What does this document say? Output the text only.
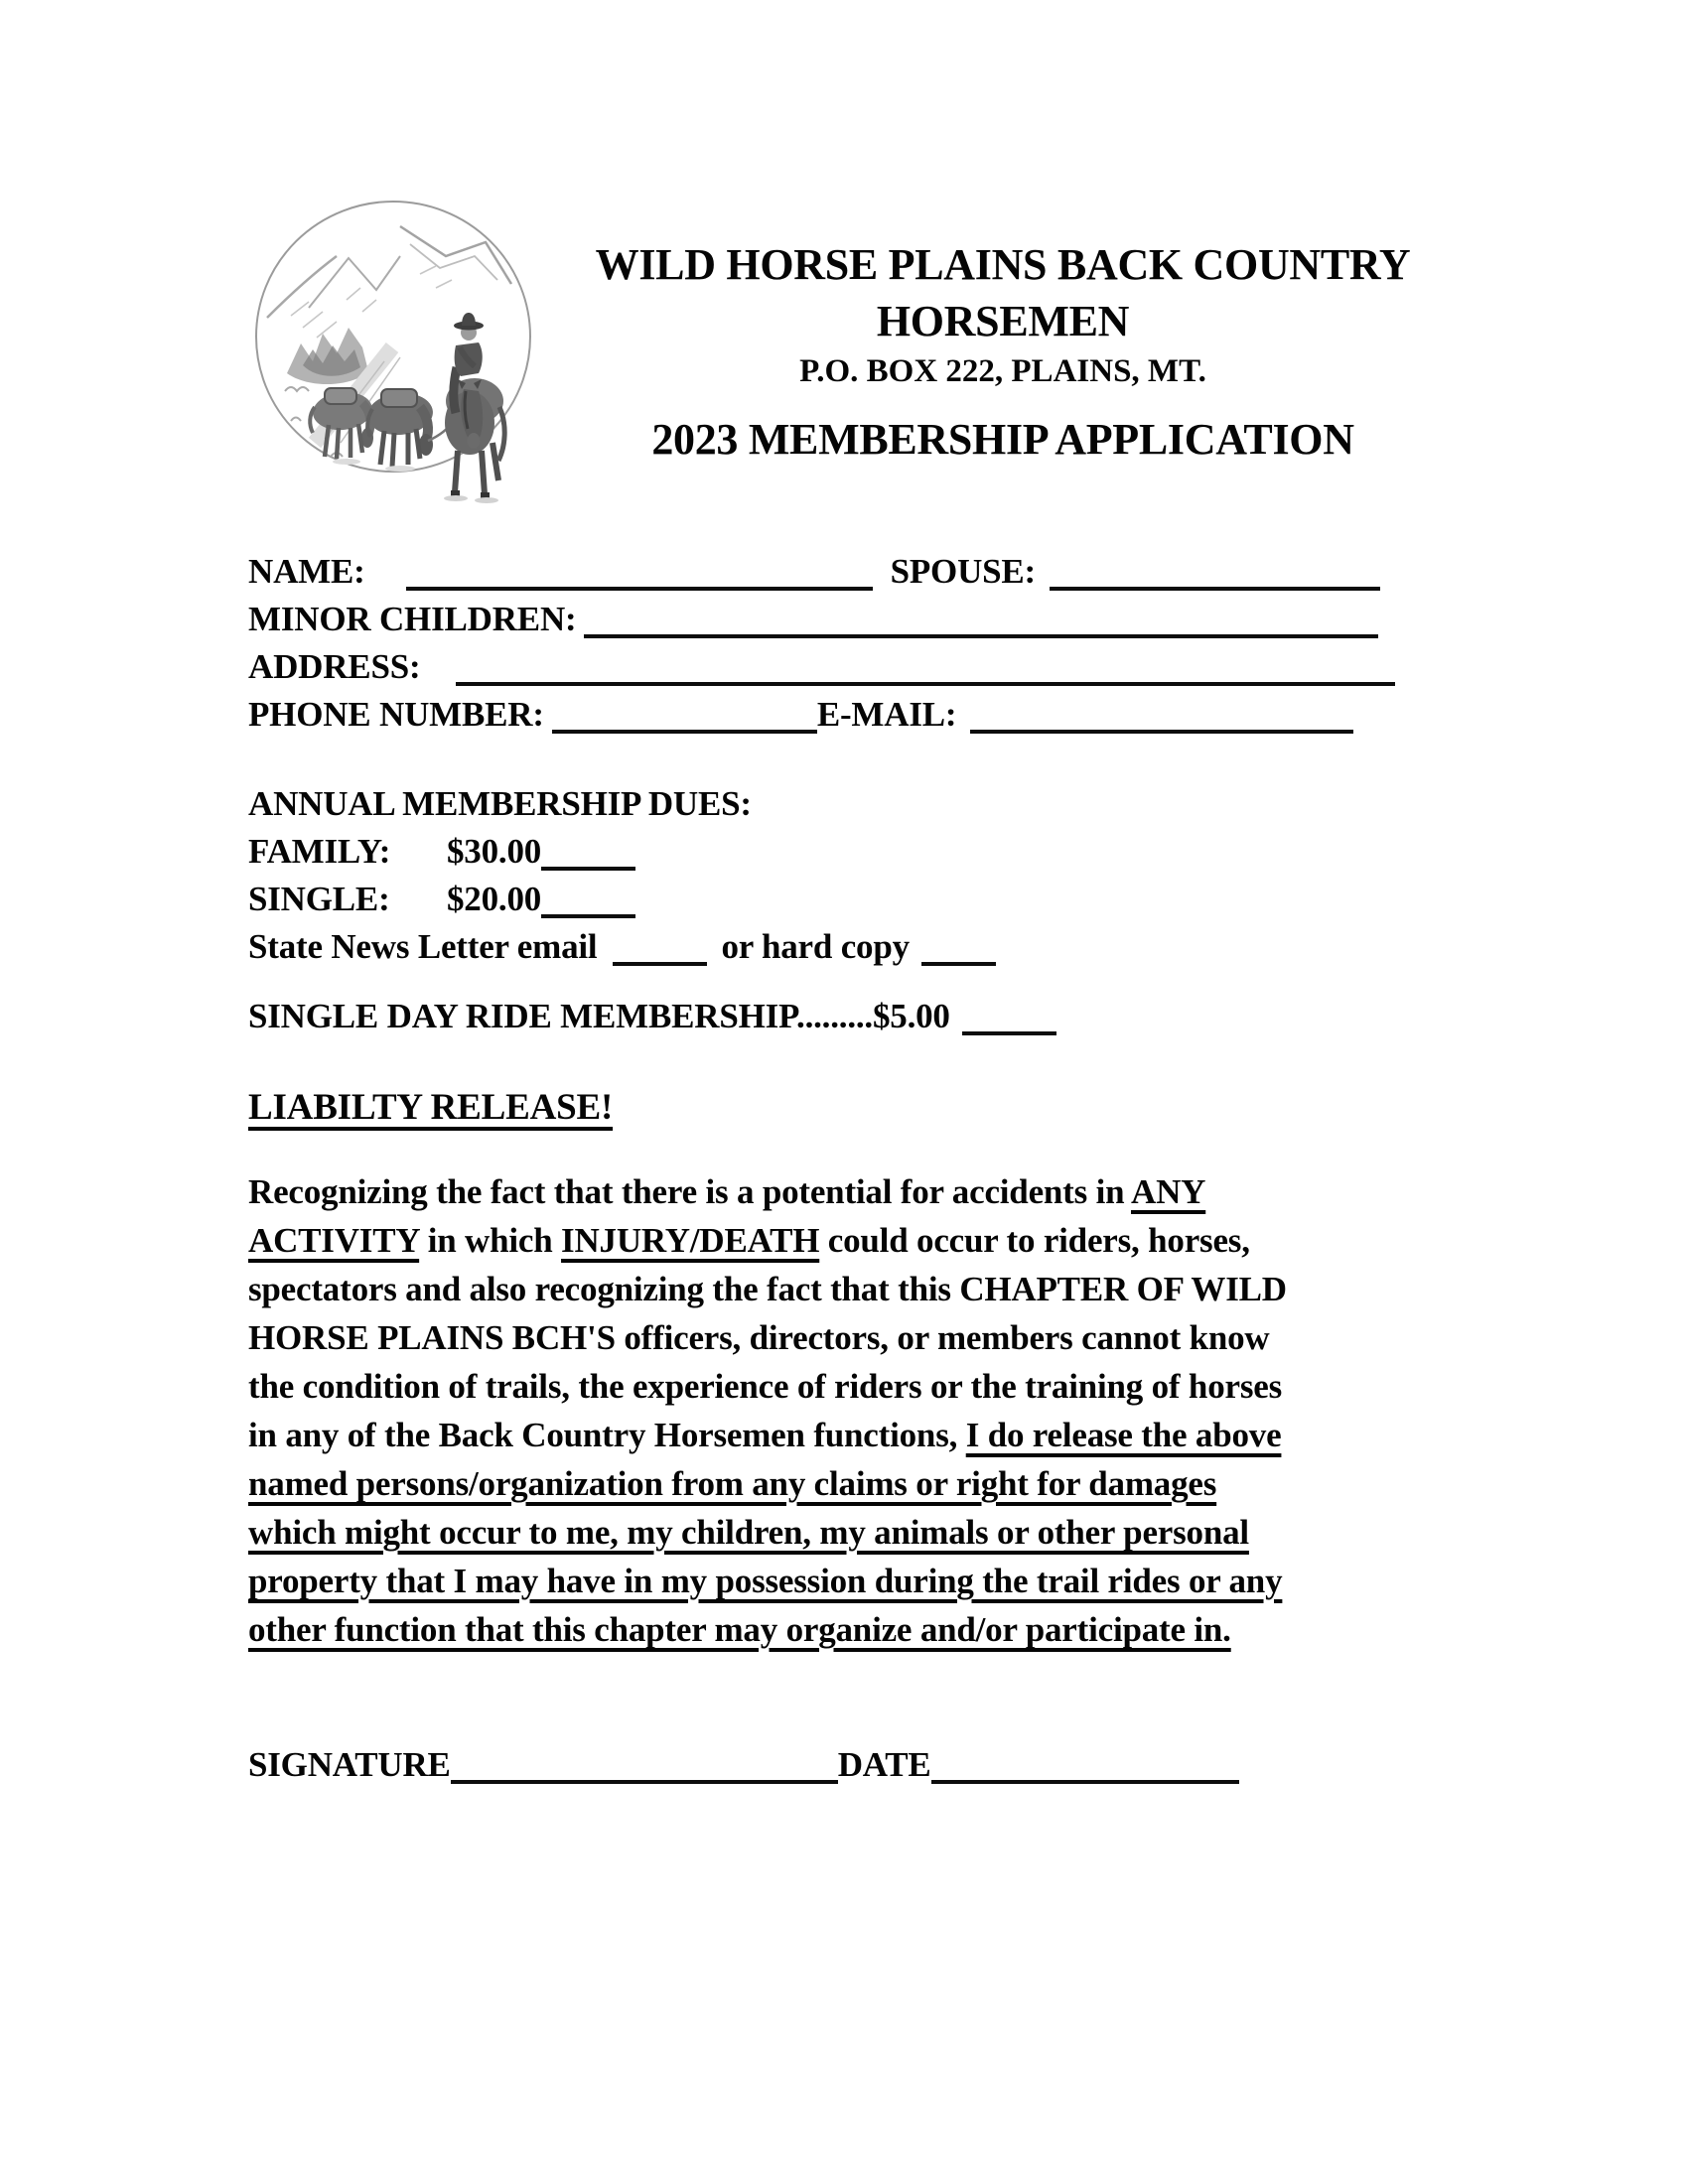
WILD HORSE PLAINS BACK COUNTRY
HORSEMEN
P.O. BOX 222, PLAINS, MT.
2023 MEMBERSHIP APPLICATION
NAME:	SPOUSE:
MINOR CHILDREN:
ADDRESS:
PHONE NUMBER:	E-MAIL:
ANNUAL MEMBERSHIP DUES:
FAMILY: $30.00
SINGLE: $20.00
State News Letter email	or hard copy
SINGLE DAY RIDE MEMBERSHIP.........$5.00
LIABILTY RELEASE!
Recognizing the fact that there is a potential for accidents in ANY
ACTIVITY in which INJURY/DEATH could occur to riders, horses,
spectators and also recognizing the fact that this CHAPTER OF WILD
HORSE PLAINS BCH'S officers, directors, or members cannot know
the condition of trails, the experience of riders or the training of horses
in any of the Back Country Horsemen functions, I do release the above
named persons/organization from any claims or right for damages
which might occur to me, my children, my animals or other personal
property that I may have in my possession during the trail rides or any
other function that this chapter may organize and/or participate in.
SIGNATURE	DATE
